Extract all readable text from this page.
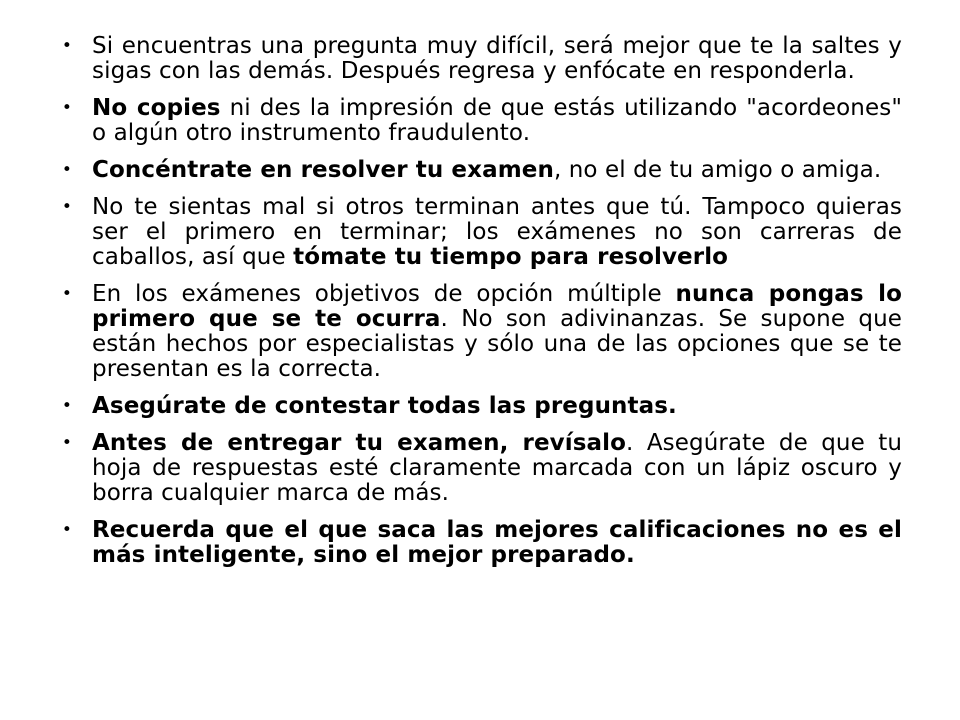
• Si encuentras una pregunta muy difícil, será mejor que te la saltes y sigas con las demás. Después regresa y enfócate en responderla.
• No copies ni des la impresión de que estás utilizando "acordeones" o algún otro instrumento fraudulento.
• Concéntrate en resolver tu examen, no el de tu amigo o amiga.
• No te sientas mal si otros terminan antes que tú. Tampoco quieras ser el primero en terminar; los exámenes no son carreras de caballos, así que tómate tu tiempo para resolverlo
• En los exámenes objetivos de opción múltiple nunca pongas lo primero que se te ocurra. No son adivinanzas. Se supone que están hechos por especialistas y sólo una de las opciones que se te presentan es la correcta.
• Asegúrate de contestar todas las preguntas.
• Antes de entregar tu examen, revísalo. Asegúrate de que tu hoja de respuestas esté claramente marcada con un lápiz oscuro y borra cualquier marca de más.
• Recuerda que el que saca las mejores calificaciones no es el más inteligente, sino el mejor preparado.
